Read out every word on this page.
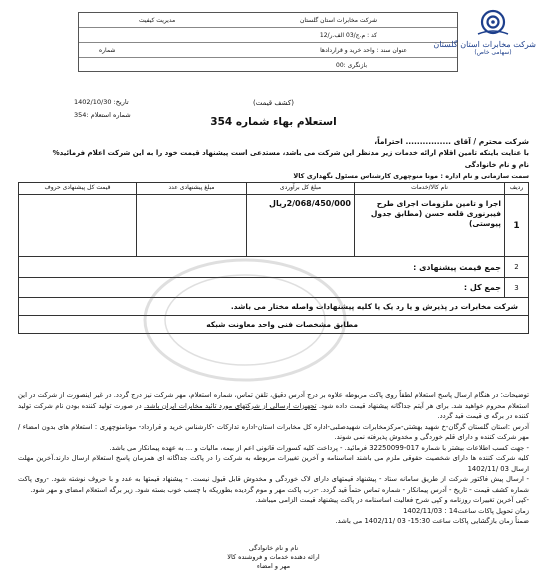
شرکت مخابرات استان گلستان
مدیریت کیفیت
کد : م.ج/03 الف.ر/12
عنوان سند : واحد خرید و قراردادها
شماره
بازنگری :00
شرکت مخابرات استان گلستان
(سهامی خاص)
تاریخ: 1402/10/30
شماره استعلام :354
(کشف قیمت)
استعلام بهاء شماره 354
شرکت محترم / آقای ................ احتراماً،
با عنایت باینکه تامین اقلام ارائه خدمات زیر مدنظر این شرکت می باشد، مستدعی است پیشنهاد قیمت خود را به این شرکت اعلام فرمائید%
نام و نام خانوادگی
سمت سازمانی و نام اداره : مونا منوچهری کارشناس مسئول نگهداری کالا
ردیف	نام کالا/خدمات	مبلغ کل برآوردی	مبلغ پیشنهادی عدد	قیمت کل پیشنهادی حروف
1	اجرا و تامین ملزومات اجرای طرح فیبرنوری قلعه حسن (مطابق جدول پیوستی)	2/068/450/000ریال		
2	جمع قیمت پیشنهادی :			
3	جمع کل :			
شرکت مخابرات در پذیرش و یا رد یک یا کلیه پیشنهادات واصله مختار می باشد.				
مطابق مشخصات فنی واحد معاونت شبکه				

توضیحات: در هنگام ارسال پاسخ استعلام لطفاً روی پاکت مربوطه علاوه بر درج آدرس دقیق، تلفن تماس، شماره استعلام، مهر شرکت نیز درج گردد. در غیر اینصورت از شرکت در این استعلام محروم خواهید شد. برای هر آیتم جداگانه پیشنهاد قیمت داده شود. تجهیزات ارسالی از شرکتهای مورد تائید مخابرات ایران باشد. در صورت تولید کننده بودن نام شرکت تولید کننده در برگه ی قیمت قید گردد.

آدرس :استان گلستان گرگان-خ شهید بهشتی-مرکزمخابرات شهیدصلبی-اداره کل مخابرات استان-اداره تدارکات -کارشناس خرید و قرارداد- مونامنوچهری : استعلام های بدون امضاء / مهر شرکت کننده و دارای قلم خوردگی و مخدوش پذیرفته نمی شوند.

- جهت کسب اطلاعات بیشتر با شماره 017-32250099 فرمائید. - پرداخت کلیه کسورات قانونی اعم از بیمه، مالیات و ... به عهده پیمانکار می باشد.

کلیه شرکت کننده ها دارای شخصیت حقوقی ملزم می باشند اساسنامه و آخرین تغییرات مربوطه به شرکت را در پاکت جداگانه ای همزمان پاسخ استعلام ارسال دارند.آخرین مهلت ارسال 03 /1402/11

- ارسال پیش فاکتور شرکت از طریق سامانه ستاد - پیشنهاد قیمتهای دارای لاک خوردگی و مخدوش قابل قبول نیست. - پیشنهاد قیمتها به عدد و با حروف نوشته شود. -روی پاکت شماره کشف قیمت - تاریخ - آدرس پیمانکار - شماره تماس حتماً قید گردد. -درب پاکت مهر و موم گردیده بطوریکه با چسب خوب بسته شود. زیر برگه استعلام امضای و مهر شود.

-کپی آخرین تغییرات روزنامه و کپی شرح فعالیت اساسنامه در پاکت پیشنهاد قیمت الزامی میباشد.

زمان تحویل پاکات ساعت14 : 1402/11/03

ضمناً زمان بازگشایی پاکات ساعت 15:30- 03 /1402/11 می باشد.

نام و نام خانوادگی
ارائه دهنده خدمات و فروشنده کالا
مهر و امضاء
